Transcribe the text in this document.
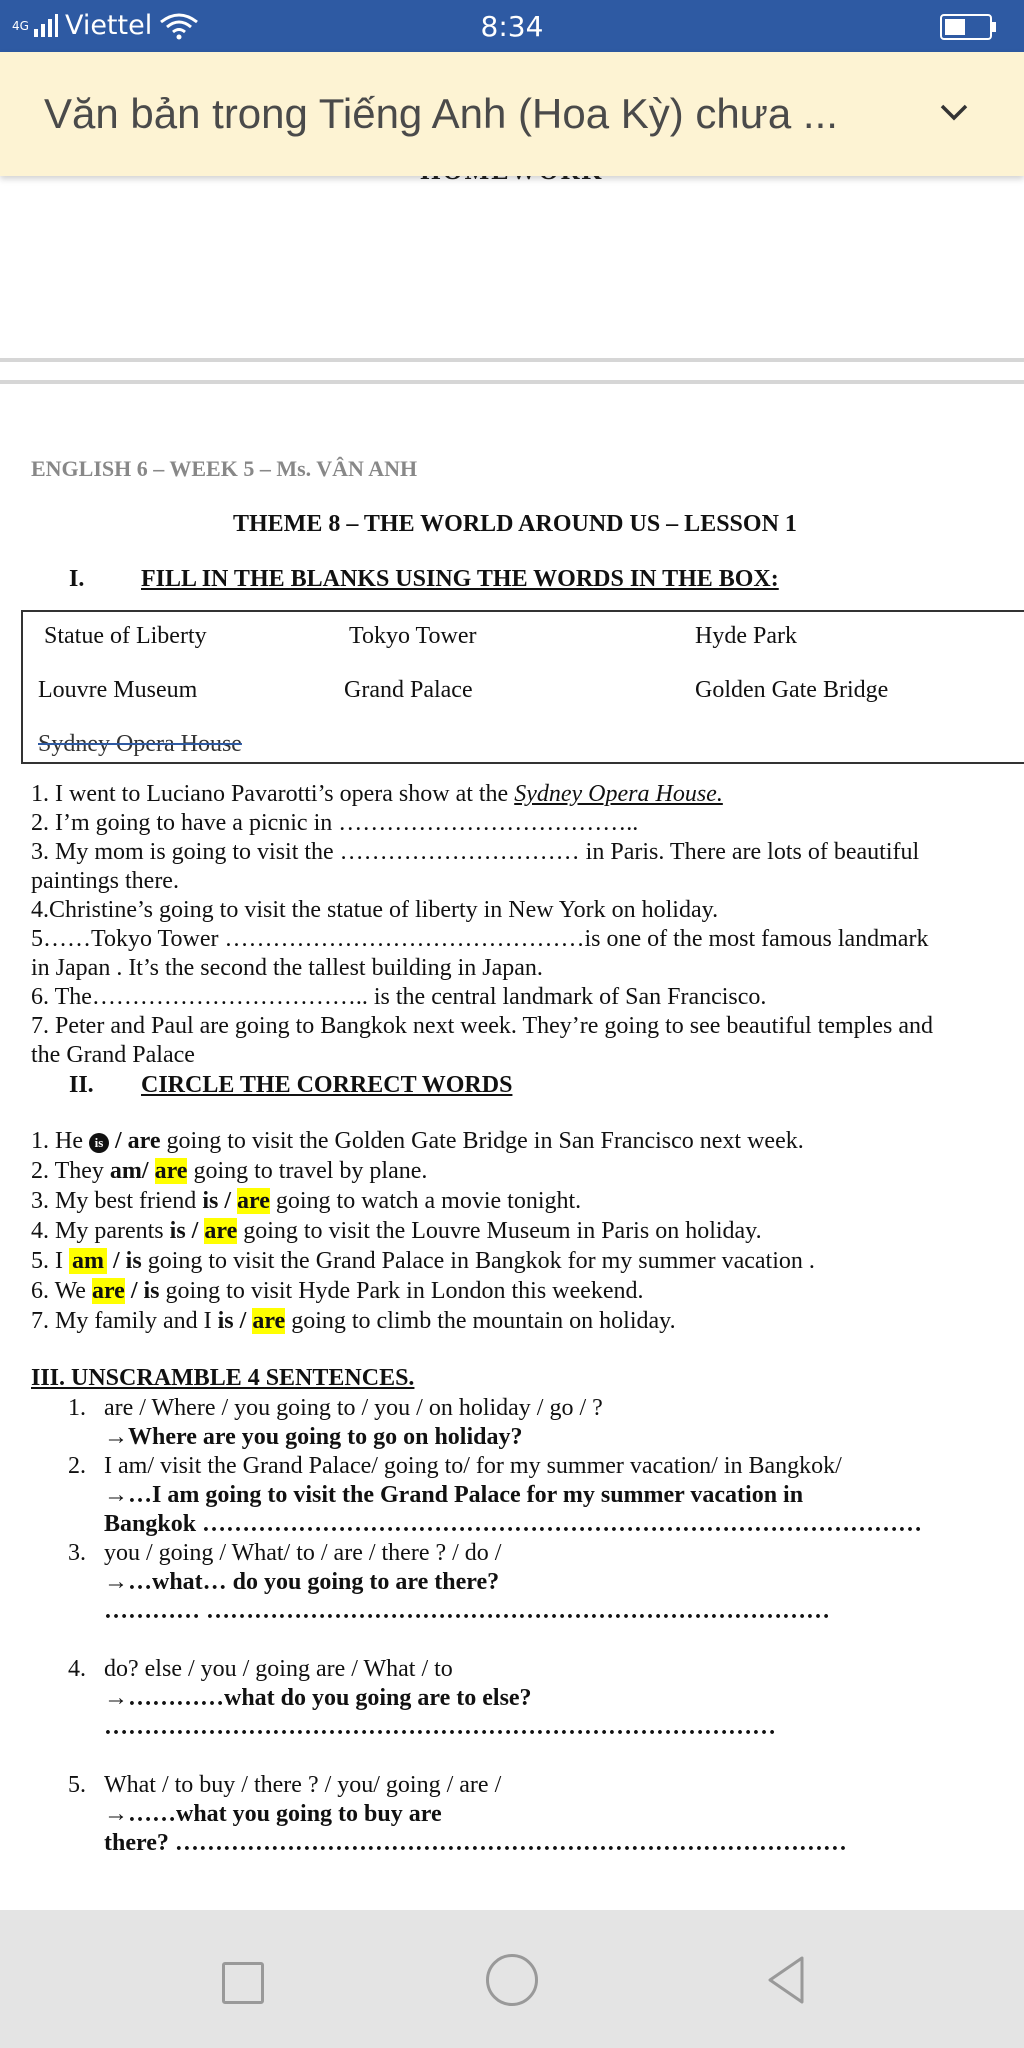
4G Viettel	8:34
Văn bản trong Tiếng Anh (Hoa Kỳ) chưa ...
ENGLISH 6 – WEEK 5 – Ms. VÂN ANH
THEME 8 – THE WORLD AROUND US – LESSON 1
I. FILL IN THE BLANKS USING THE WORDS IN THE BOX:
Statue of Liberty	Tokyo Tower	Hyde Park
Louvre Museum	Grand Palace	Golden Gate Bridge
Sydney Opera House
1. I went to Luciano Pavarotti’s opera show at the Sydney Opera House.
2. I’m going to have a picnic in ………………………………..
3. My mom is going to visit the ………………………… in Paris. There are lots of beautiful
paintings there.
4.Christine’s going to visit the statue of liberty in New York on holiday.
5……Tokyo Tower ………………………………………is one of the most famous landmark
in Japan . It’s the second the tallest building in Japan.
6. The…………………………….. is the central landmark of San Francisco.
7. Peter and Paul are going to Bangkok next week. They’re going to see beautiful temples and
the Grand Palace
II. CIRCLE THE CORRECT WORDS
1. He is / are going to visit the Golden Gate Bridge in San Francisco next week.
2. They am/ are going to travel by plane.
3. My best friend is / are going to watch a movie tonight.
4. My parents is / are going to visit the Louvre Museum in Paris on holiday.
5. I am / is going to visit the Grand Palace in Bangkok for my summer vacation .
6. We are / is going to visit Hyde Park in London this weekend.
7. My family and I is / are going to climb the mountain on holiday.
III. UNSCRAMBLE 4 SENTENCES.
1. are / Where / you going to / you / on holiday / go / ?
→Where are you going to go on holiday?
2. I am/ visit the Grand Palace/ going to/ for my summer vacation/ in Bangkok/
→…I am going to visit the Grand Palace for my summer vacation in
Bangkok ………………………………………………………………………………
3. you / going / What/ to / are / there ? / do /
→…what… do you going to are there?
………… ……………………………………………………………………
4. do? else / you / going are / What / to
→…………what do you going are to else?
…………………………………………………………………………
5. What / to buy / there ? / you/ going / are /
→……what you going to buy are
there? …………………………………………………………………………
